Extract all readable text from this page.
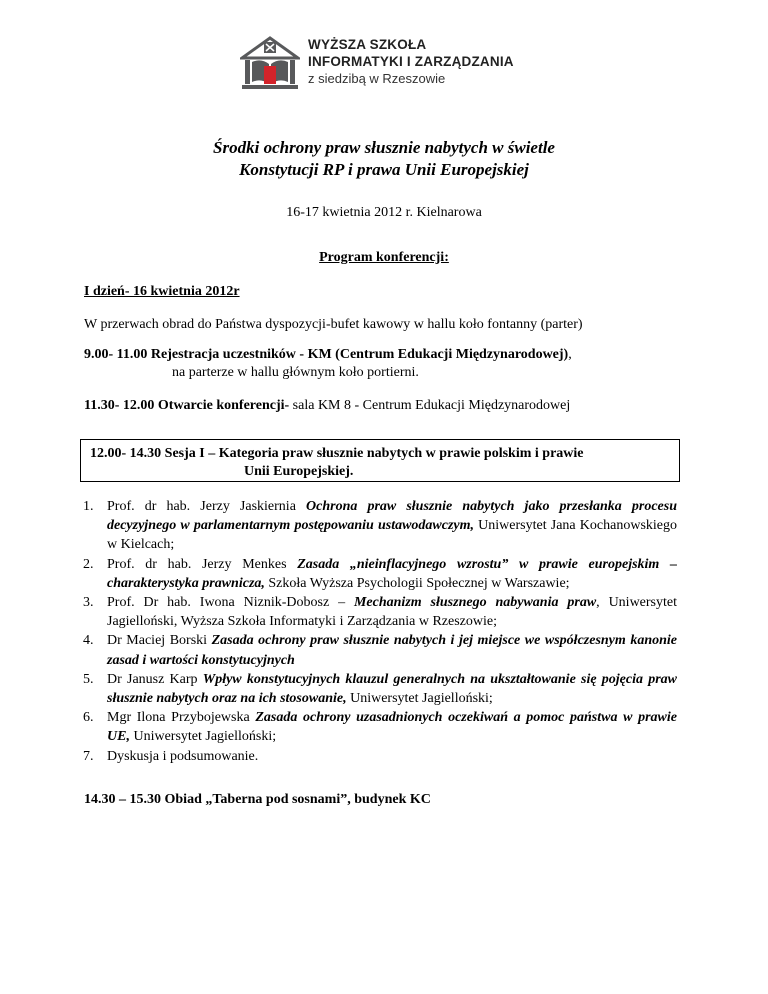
WYŻSZA SZKOŁA
INFORMATYKI I ZARZĄDZANIA
z siedzibą w Rzeszowie
Środki ochrony praw słusznie nabytych w świetle
Konstytucji RP i prawa Unii Europejskiej
16-17 kwietnia 2012 r. Kielnarowa
Program konferencji:
I dzień- 16 kwietnia 2012r
W przerwach obrad do Państwa dyspozycji-bufet kawowy w hallu koło fontanny (parter)
9.00- 11.00 Rejestracja uczestników - KM (Centrum Edukacji Międzynarodowej),
na parterze w hallu głównym koło portierni.
11.30- 12.00 Otwarcie konferencji- sala KM 8 - Centrum Edukacji Międzynarodowej
12.00- 14.30 Sesja I – Kategoria praw słusznie nabytych w prawie polskim i prawie
Unii Europejskiej.
1. Prof. dr hab. Jerzy Jaskiernia Ochrona praw słusznie nabytych jako przesłanka procesu decyzyjnego w parlamentarnym postępowaniu ustawodawczym, Uniwersytet Jana Kochanowskiego w Kielcach;
2. Prof. dr hab. Jerzy Menkes Zasada „nieinflacyjnego wzrostu” w prawie europejskim – charakterystyka prawnicza, Szkoła Wyższa Psychologii Społecznej w Warszawie;
3. Prof. Dr hab. Iwona Niznik-Dobosz – Mechanizm słusznego nabywania praw, Uniwersytet Jagielloński, Wyższa Szkoła Informatyki i Zarządzania w Rzeszowie;
4. Dr Maciej Borski Zasada ochrony praw słusznie nabytych i jej miejsce we współczesnym kanonie zasad i wartości konstytucyjnych
5. Dr Janusz Karp Wpływ konstytucyjnych klauzul generalnych na ukształtowanie się pojęcia praw słusznie nabytych oraz na ich stosowanie, Uniwersytet Jagielloński;
6. Mgr Ilona Przybojewska Zasada ochrony uzasadnionych oczekiwań a pomoc państwa w prawie UE, Uniwersytet Jagielloński;
7. Dyskusja i podsumowanie.
14.30 – 15.30 Obiad „Taberna pod sosnami”, budynek KC
